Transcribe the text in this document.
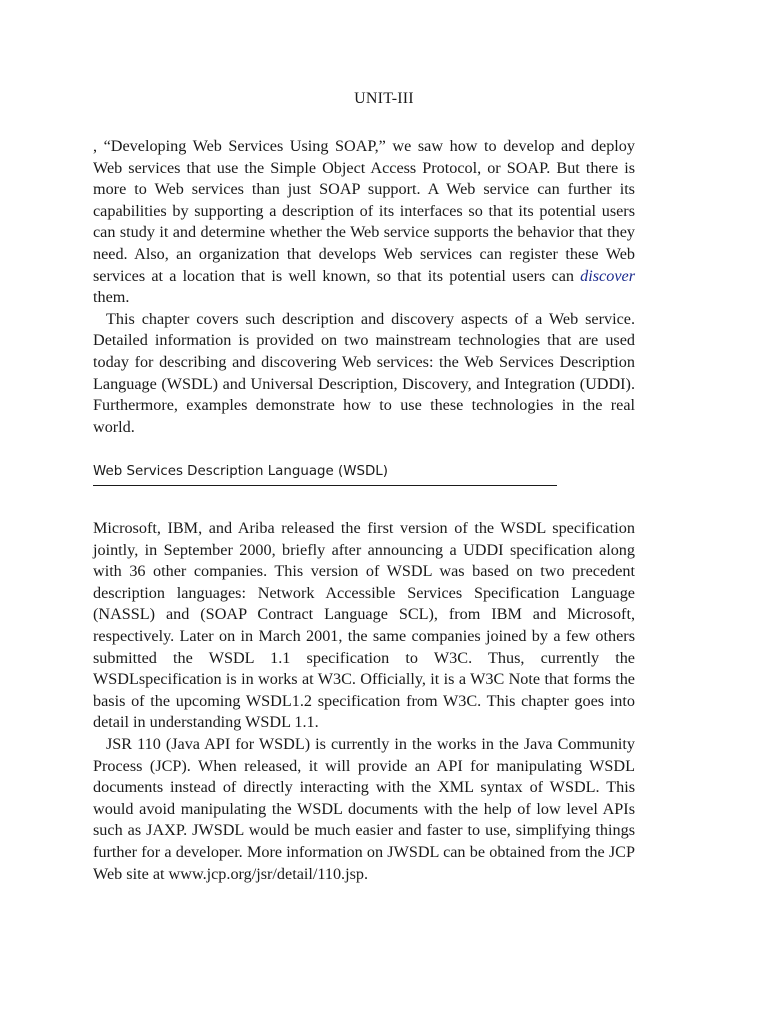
UNIT-III

, “Developing Web Services Using SOAP,” we saw how to develop and deploy Web services that use the Simple Object Access Protocol, or SOAP. But there is more to Web services than just SOAP support. A Web service can further its capabilities by supporting a description of its interfaces so that its potential users can study it and determine whether the Web service supports the behavior that they need. Also, an organization that develops Web services can register these Web services at a location that is well known, so that its potential users can discover them.

This chapter covers such description and discovery aspects of a Web service. Detailed information is provided on two mainstream technologies that are used today for describing and discovering Web services: the Web Services Description Language (WSDL) and Universal Description, Discovery, and Integration (UDDI). Furthermore, examples demonstrate how to use these technologies in the real world.

Web Services Description Language (WSDL)

Microsoft, IBM, and Ariba released the first version of the WSDL specification jointly, in September 2000, briefly after announcing a UDDI specification along with 36 other companies. This version of WSDL was based on two precedent description languages: Network Accessible Services Specification Language (NASSL) and (SOAP Contract Language SCL), from IBM and Microsoft, respectively. Later on in March 2001, the same companies joined by a few others submitted the WSDL 1.1 specification to W3C. Thus, currently the WSDLspecification is in works at W3C. Officially, it is a W3C Note that forms the basis of the upcoming WSDL1.2 specification from W3C. This chapter goes into detail in understanding WSDL 1.1.

JSR 110 (Java API for WSDL) is currently in the works in the Java Community Process (JCP). When released, it will provide an API for manipulating WSDL documents instead of directly interacting with the XML syntax of WSDL. This would avoid manipulating the WSDL documents with the help of low level APIs such as JAXP. JWSDL would be much easier and faster to use, simplifying things further for a developer. More information on JWSDL can be obtained from the JCP Web site at www.jcp.org/jsr/detail/110.jsp.
